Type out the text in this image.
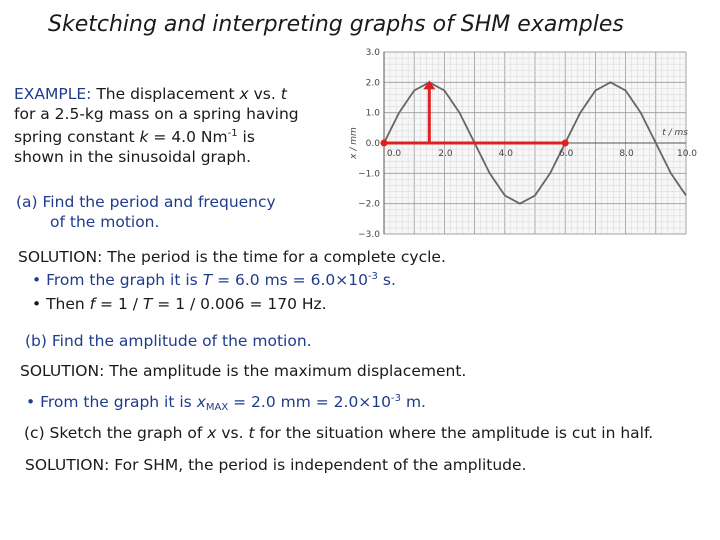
Sketching and interpreting graphs of SHM examples
EXAMPLE: The displacement x vs. t
for a 2.5-kg mass on a spring having
spring constant k = 4.0 $Nm^{-1}$ is
shown in the sinusoidal graph.
(a) Find the period and frequency
of the motion.
SOLUTION: The period is the time for a complete cycle.
• From the graph it is T = 6.0 ms = $6.0\times 10^{-3}$ s.
• Then f = 1 / T = 1 / 0.006 = 170 Hz.
(b) Find the amplitude of the motion.
SOLUTION: The amplitude is the maximum displacement.
• From the graph it is $x_{MAX} = 2.0$ mm = $2.0\times 10^{-3}$ m.
(c) Sketch the graph of x vs. t for the situation where the amplitude is cut in half.
SOLUTION: For SHM, the period is independent of the amplitude.
3.0
2.0
1.0
0.0
−1.0
−2.0
−3.0
2.0	4.0	6.0	8.0	10.0
0.0
t / ms
x / mm
